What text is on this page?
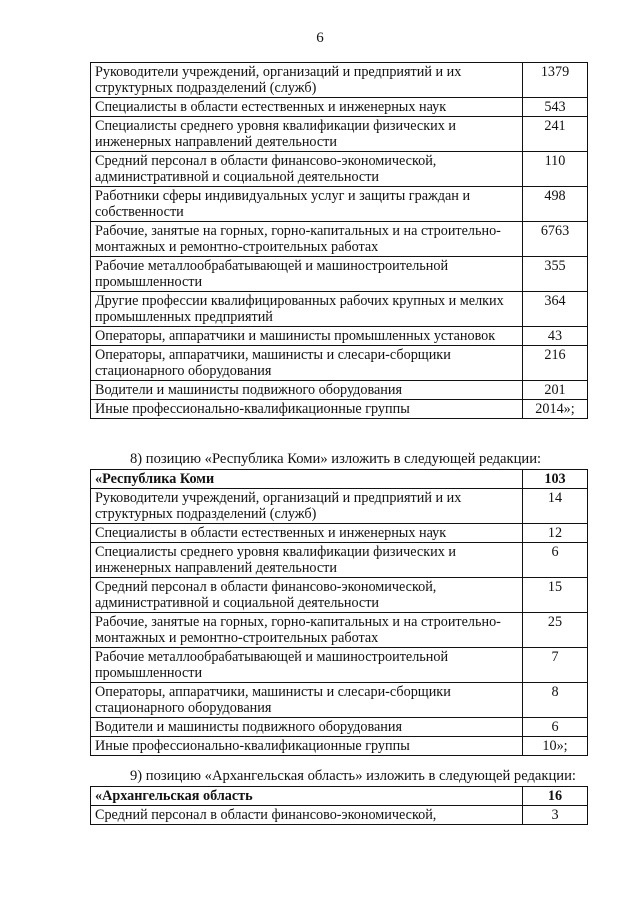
6
Руководители учреждений, организаций и предприятий и их структурных подразделений (служб)	1379
Специалисты в области естественных и инженерных наук	543
Специалисты среднего уровня квалификации физических и инженерных направлений деятельности	241
Средний персонал в области финансово-экономической, административной и социальной деятельности	110
Работники сферы индивидуальных услуг и защиты граждан и собственности	498
Рабочие, занятые на горных, горно-капитальных и на строительно-монтажных и ремонтно-строительных работах	6763
Рабочие металлообрабатывающей и машиностроительной промышленности	355
Другие профессии квалифицированных рабочих крупных и мелких промышленных предприятий	364
Операторы, аппаратчики и машинисты промышленных установок	43
Операторы, аппаратчики, машинисты и слесари-сборщики стационарного оборудования	216
Водители и машинисты подвижного оборудования	201
Иные профессионально-квалификационные группы	2014»;
8) позицию «Республика Коми» изложить в следующей редакции:
«Республика Коми	103
Руководители учреждений, организаций и предприятий и их структурных подразделений (служб)	14
Специалисты в области естественных и инженерных наук	12
Специалисты среднего уровня квалификации физических и инженерных направлений деятельности	6
Средний персонал в области финансово-экономической, административной и социальной деятельности	15
Рабочие, занятые на горных, горно-капитальных и на строительно-монтажных и ремонтно-строительных работах	25
Рабочие металлообрабатывающей и машиностроительной промышленности	7
Операторы, аппаратчики, машинисты и слесари-сборщики стационарного оборудования	8
Водители и машинисты подвижного оборудования	6
Иные профессионально-квалификационные группы	10»;
9) позицию «Архангельская область» изложить в следующей редакции:
«Архангельская область	16
Средний персонал в области финансово-экономической,	3
